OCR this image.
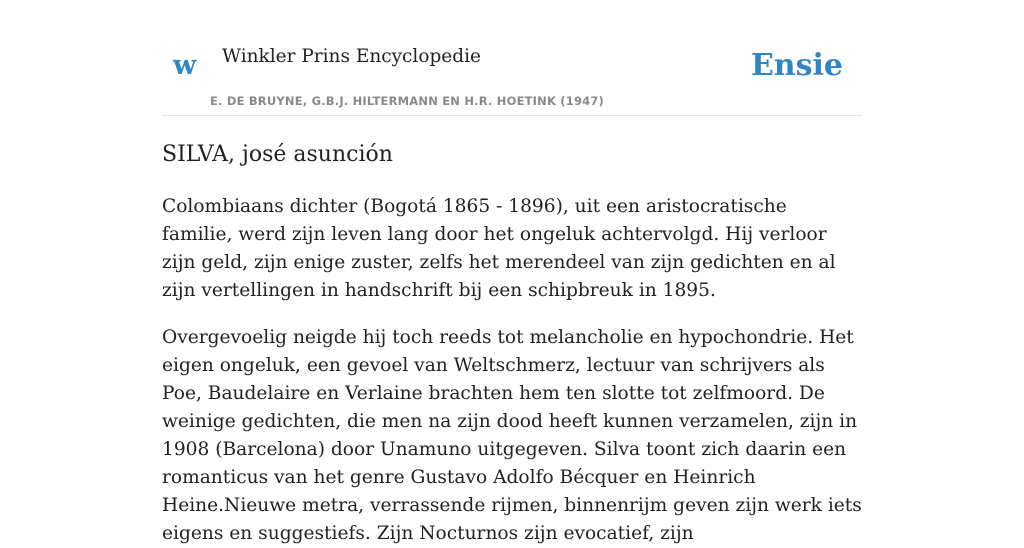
w Winkler Prins Encyclopedie	Ensie
E. DE BRUYNE, G.B.J. HILTERMANN EN H.R. HOETINK (1947)
SILVA, josé asunción

Colombiaans dichter (Bogotá 1865 - 1896), uit een aristocratische familie, werd zijn leven lang door het ongeluk achtervolgd. Hij verloor zijn geld, zijn enige zuster, zelfs het merendeel van zijn gedichten en al zijn vertellingen in handschrift bij een schipbreuk in 1895.

Overgevoelig neigde hij toch reeds tot melancholie en hypochondrie. Het eigen ongeluk, een gevoel van Weltschmerz, lectuur van schrijvers als Poe, Baudelaire en Verlaine brachten hem ten slotte tot zelfmoord. De weinige gedichten, die men na zijn dood heeft kunnen verzamelen, zijn in 1908 (Barcelona) door Unamuno uitgegeven. Silva toont zich daarin een romanticus van het genre Gustavo Adolfo Bécquer en Heinrich Heine.Nieuwe metra, verrassende rijmen, binnenrijm geven zijn werk iets eigens en suggestiefs. Zijn Nocturnos zijn evocatief, zijn
